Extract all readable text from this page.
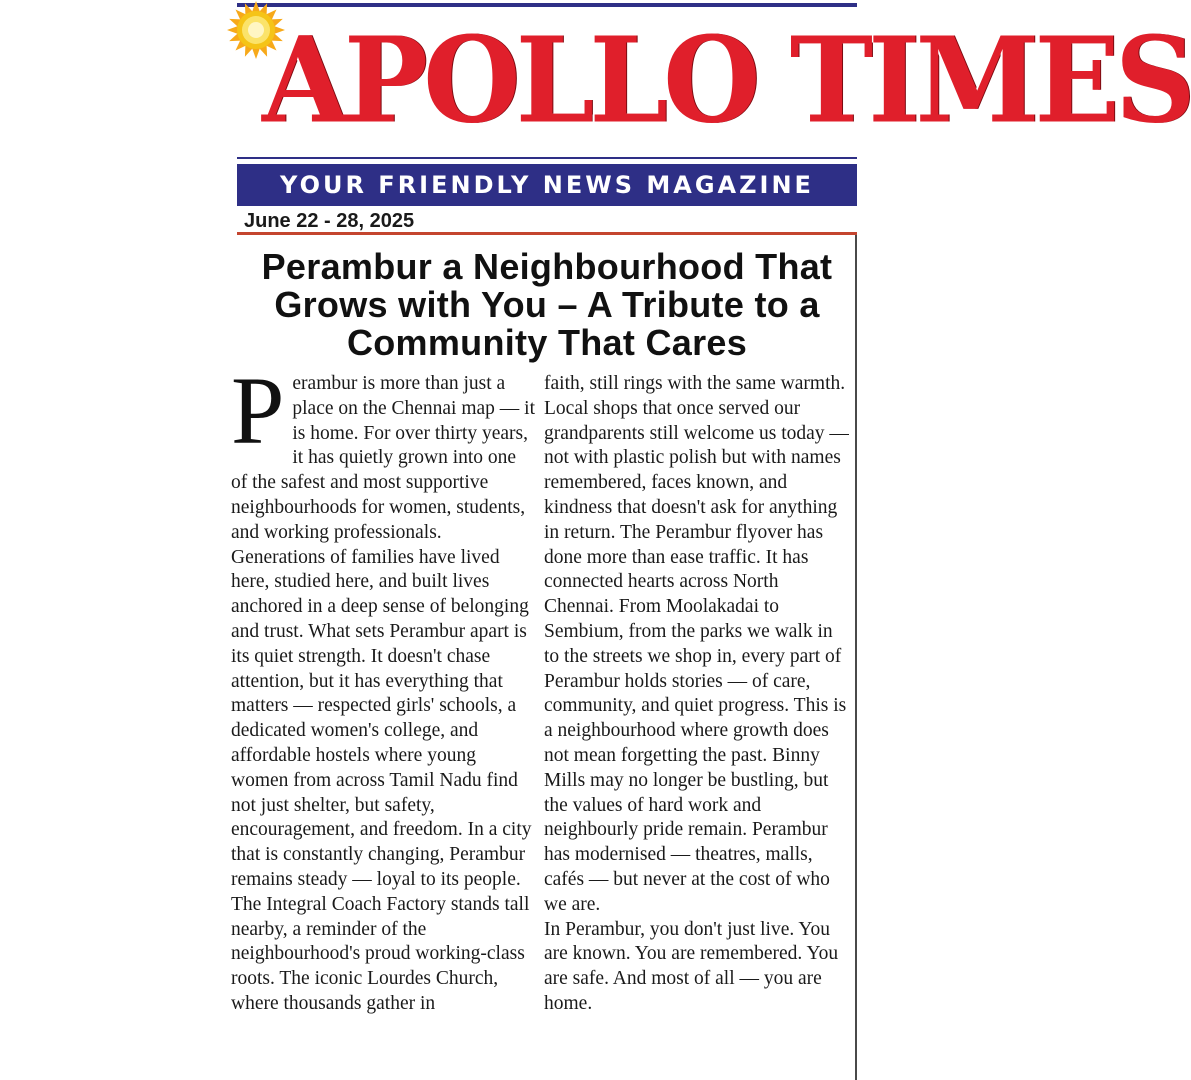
APOLLO TIMES
YOUR FRIENDLY NEWS MAGAZINE
June 22 - 28, 2025
Perambur a Neighbourhood That Grows with You – A Tribute to a Community That Cares

Perambur is more than just a place on the Chennai map — it is home. For over thirty years, it has quietly grown into one of the safest and most supportive neighbourhoods for women, students, and working professionals. Generations of families have lived here, studied here, and built lives anchored in a deep sense of belonging and trust. What sets Perambur apart is its quiet strength. It doesn't chase attention, but it has everything that matters — respected girls' schools, a dedicated women's college, and affordable hostels where young women from across Tamil Nadu find not just shelter, but safety, encouragement, and freedom. In a city that is constantly changing, Perambur remains steady — loyal to its people.

The Integral Coach Factory stands tall nearby, a reminder of the neighbourhood's proud working-class roots. The iconic Lourdes Church, where thousands gather in

faith, still rings with the same warmth. Local shops that once served our grandparents still welcome us today — not with plastic polish but with names remembered, faces known, and kindness that doesn't ask for anything in return. The Perambur flyover has done more than ease traffic. It has connected hearts across North Chennai. From Moolakadai to Sembium, from the parks we walk in to the streets we shop in, every part of Perambur holds stories — of care, community, and quiet progress. This is a neighbourhood where growth does not mean forgetting the past. Binny Mills may no longer be bustling, but the values of hard work and neighbourly pride remain. Perambur has modernised — theatres, malls, cafés — but never at the cost of who we are.

In Perambur, you don't just live. You are known. You are remembered. You are safe. And most of all — you are home.
